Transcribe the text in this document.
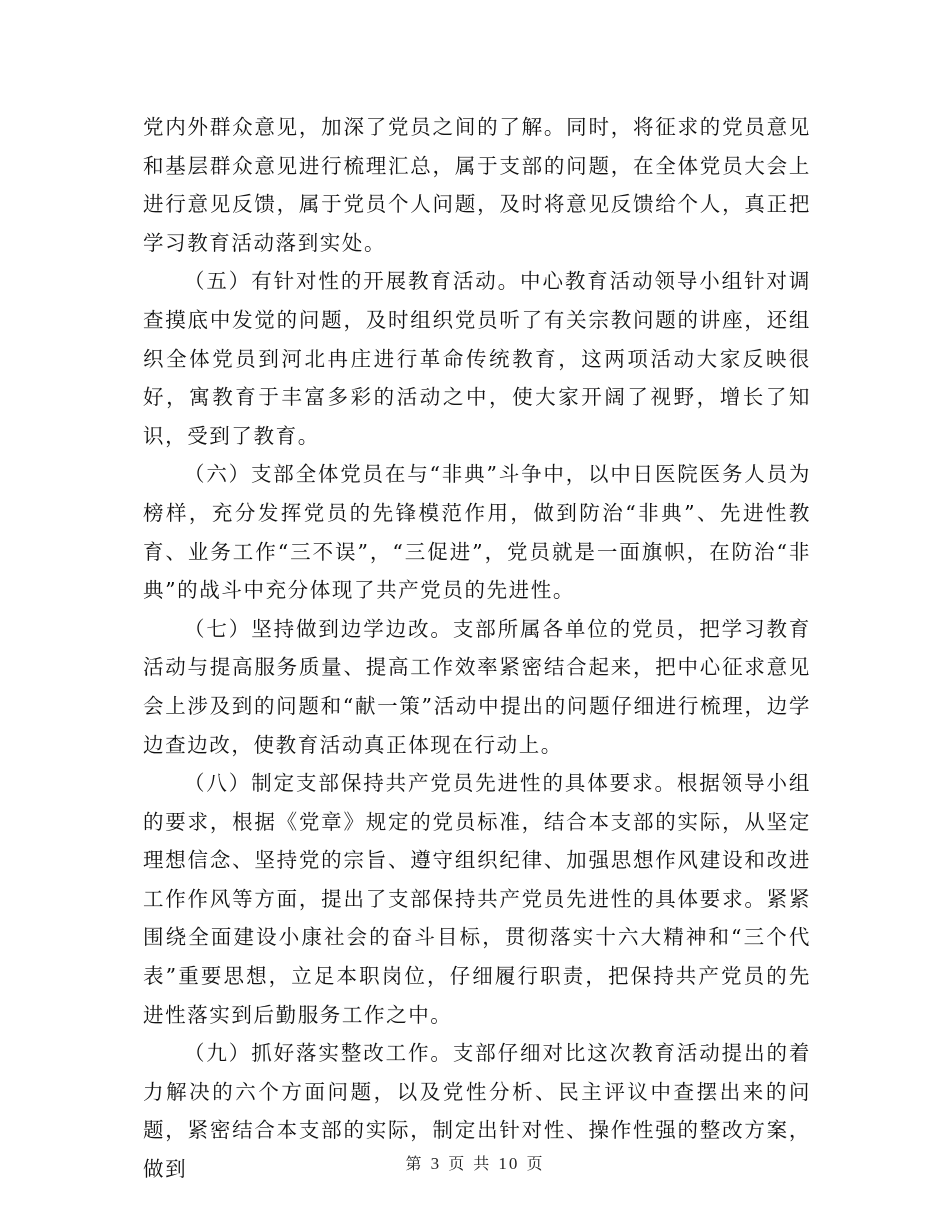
党内外群众意见，加深了党员之间的了解。同时，将征求的党员意见和基层群众意见进行梳理汇总，属于支部的问题，在全体党员大会上进行意见反馈，属于党员个人问题，及时将意见反馈给个人，真正把学习教育活动落到实处。

（五）有针对性的开展教育活动。中心教育活动领导小组针对调查摸底中发觉的问题，及时组织党员听了有关宗教问题的讲座，还组织全体党员到河北冉庄进行革命传统教育，这两项活动大家反映很好，寓教育于丰富多彩的活动之中，使大家开阔了视野，增长了知识，受到了教育。

（六）支部全体党员在与“非典”斗争中，以中日医院医务人员为榜样，充分发挥党员的先锋模范作用，做到防治“非典”、先进性教育、业务工作“三不误”，“三促进”，党员就是一面旗帜，在防治“非典”的战斗中充分体现了共产党员的先进性。

（七）坚持做到边学边改。支部所属各单位的党员，把学习教育活动与提高服务质量、提高工作效率紧密结合起来，把中心征求意见会上涉及到的问题和“献一策”活动中提出的问题仔细进行梳理，边学边查边改，使教育活动真正体现在行动上。

（八）制定支部保持共产党员先进性的具体要求。根据领导小组的要求，根据《党章》规定的党员标准，结合本支部的实际，从坚定理想信念、坚持党的宗旨、遵守组织纪律、加强思想作风建设和改进工作作风等方面，提出了支部保持共产党员先进性的具体要求。紧紧围绕全面建设小康社会的奋斗目标，贯彻落实十六大精神和“三个代表”重要思想，立足本职岗位，仔细履行职责，把保持共产党员的先进性落实到后勤服务工作之中。

（九）抓好落实整改工作。支部仔细对比这次教育活动提出的着力解决的六个方面问题，以及党性分析、民主评议中查摆出来的问题，紧密结合本支部的实际，制定出针对性、操作性强的整改方案，做到	第 3 页 共 10 页
